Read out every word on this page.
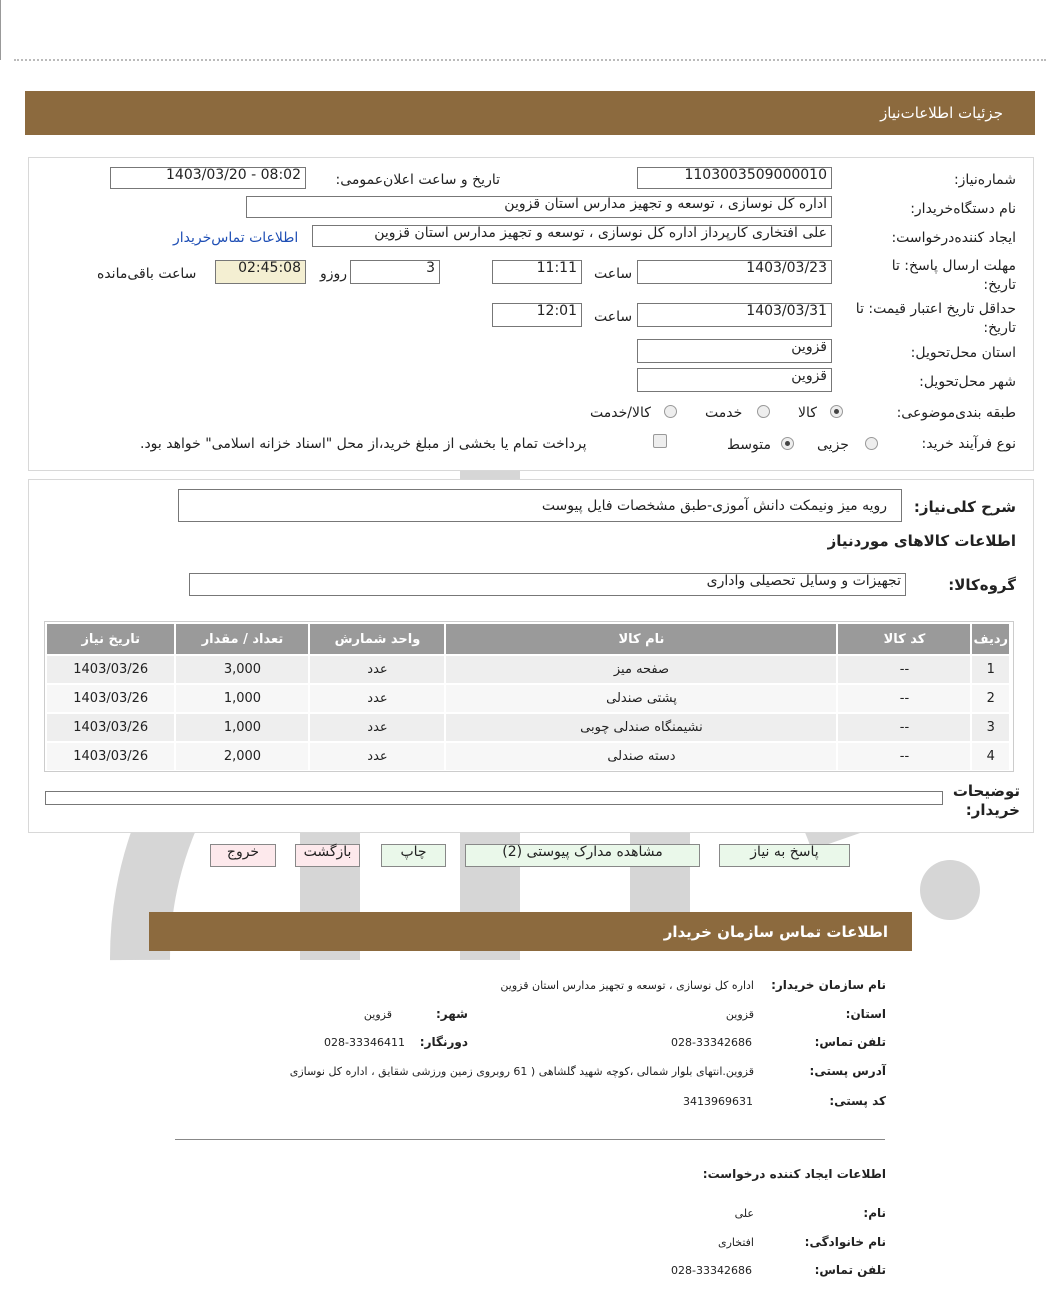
جزئیات اطلاعات‌نیاز
شماره‌نیاز:
1103003509000010
تاریخ و ساعت اعلان‌عمومی:
1403/03/20 - 08:02
نام دستگاه‌خریدار:
اداره کل نوسازی ، توسعه و تجهیز مدارس استان قزوین
ایجاد کننده‌درخواست:
علی افتخاری کارپرداز اداره کل نوسازی ، توسعه و تجهیز مدارس استان قزوین
اطلاعات تماس‌خریدار
مهلت ارسال پاسخ: تا تاریخ:
1403/03/23
ساعت
11:11
3
روزو
02:45:08
ساعت باقی‌مانده
حداقل تاریخ اعتبار قیمت: تا تاریخ:
1403/03/31
ساعت
12:01
استان محل‌تحویل:
قزوین
شهر محل‌تحویل:
قزوین
طبقه بندی‌موضوعی:
کالا
خدمت
کالا/خدمت
نوع فرآیند خرید:
جزیی
متوسط
پرداخت تمام یا بخشی از مبلغ خرید،از محل "اسناد خزانه اسلامی" خواهد بود.
شرح کلی‌نیاز:
رویه میز ونیمکت دانش آموزی-طبق مشخصات فایل پیوست
اطلاعات کالاهای موردنیاز
گروه‌کالا:
تجهیزات و وسایل تحصیلی واداری
ردیف	کد کالا	نام کالا	واحد شمارش	تعداد / مقدار	تاریخ نیاز
1	--	صفحه میز	عدد	3,000	1403/03/26
2	--	پشتی صندلی	عدد	1,000	1403/03/26
3	--	نشیمنگاه صندلی چوبی	عدد	1,000	1403/03/26
4	--	دسته صندلی	عدد	2,000	1403/03/26
توضیحات خریدار:
پاسخ به نیاز
مشاهده مدارک پیوستی (2)
چاپ
بازگشت
خروج
اطلاعات تماس سازمان خریدار
نام سازمان خریدار:
اداره کل نوسازی ، توسعه و تجهیز مدارس استان قزوین
استان:
قزوین
شهر:
قزوین
تلفن تماس:
028-33342686
دورنگار:
028-33346411
آدرس پستی:
قزوین.انتهای بلوار شمالی ،کوچه شهید گلشاهی ( 61 روبروی زمین ورزشی شقایق ، اداره کل نوسازی
کد پستی:
3413969631
اطلاعات ایجاد کننده درخواست:
نام:
علی
نام خانوادگی:
افتخاری
تلفن تماس:
028-33342686
